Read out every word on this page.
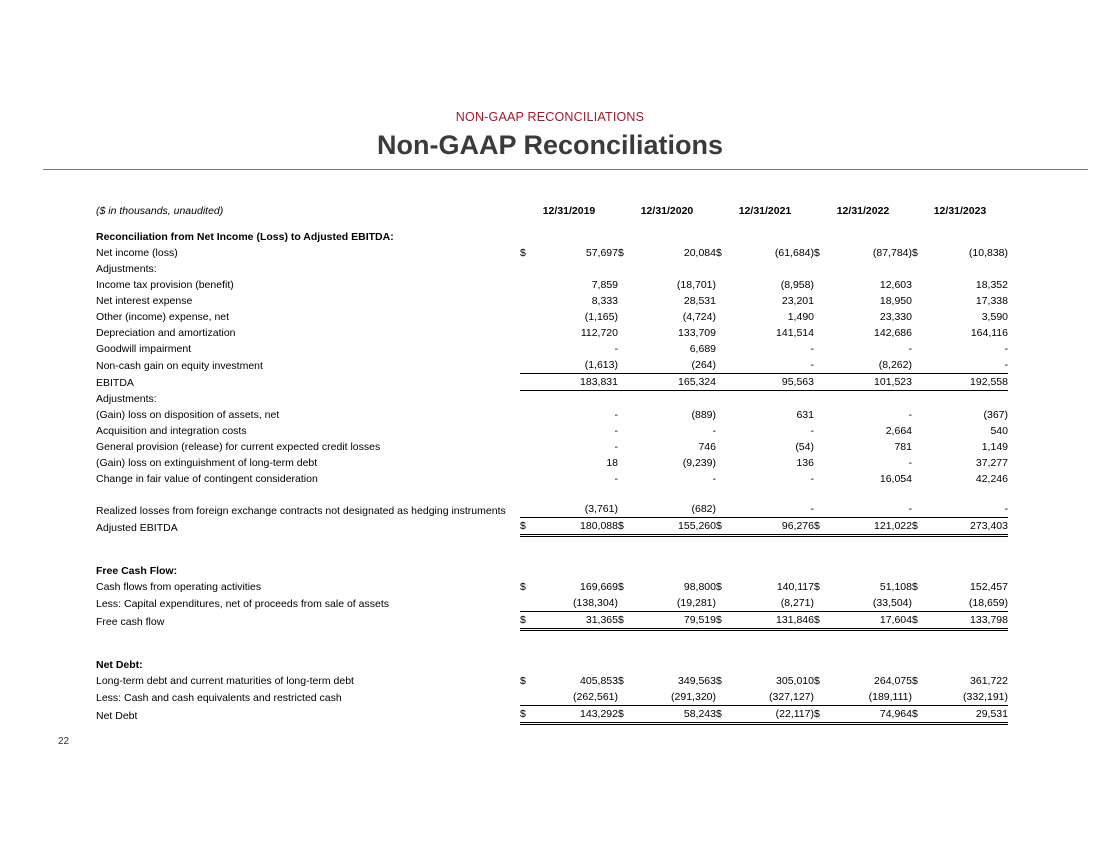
NON-GAAP RECONCILIATIONS
Non-GAAP Reconciliations
($ in thousands, unaudited)	12/31/2019		12/31/2020		12/31/2021		12/31/2022		12/31/2023	

Reconciliation from Net Income (Loss) to Adjusted EBITDA:										
Net income (loss)	$	57,697	$	20,084	$	(61,684)	$	(87,784)	$	(10,838)
Adjustments:										
Income tax provision (benefit)		7,859		(18,701)		(8,958)		12,603		18,352
Net interest expense		8,333		28,531		23,201		18,950		17,338
Other (income) expense, net		(1,165)		(4,724)		1,490		23,330		3,590
Depreciation and amortization		112,720		133,709		141,514		142,686		164,116
Goodwill impairment		-		6,689		-		-		-
Non-cash gain on equity investment		(1,613)		(264)		-		(8,262)		-
EBITDA		183,831		165,324		95,563		101,523		192,558
Adjustments:										
(Gain) loss on disposition of assets, net		-		(889)		631		-		(367)
Acquisition and integration costs		-		-		-		2,664		540
General provision (release) for current expected credit losses		-		746		(54)		781		1,149
(Gain) loss on extinguishment of long-term debt		18		(9,239)		136		-		37,277
Change in fair value of contingent consideration		-		-		-		16,054		42,246
Realized losses from foreign exchange contracts not designated as hedging instruments		(3,761)		(682)		-		-		-
Adjusted EBITDA	$	180,088	$	155,260	$	96,276	$	121,022	$	273,403

Free Cash Flow:										
Cash flows from operating activities	$	169,669	$	98,800	$	140,117	$	51,108	$	152,457
Less: Capital expenditures, net of proceeds from sale of assets		(138,304)		(19,281)		(8,271)		(33,504)		(18,659)
Free cash flow	$	31,365	$	79,519	$	131,846	$	17,604	$	133,798

Net Debt:										
Long-term debt and current maturities of long-term debt	$	405,853	$	349,563	$	305,010	$	264,075	$	361,722
Less: Cash and cash equivalents and restricted cash		(262,561)		(291,320)		(327,127)		(189,111)		(332,191)
Net Debt	$	143,292	$	58,243	$	(22,117)	$	74,964	$	29,531
22
